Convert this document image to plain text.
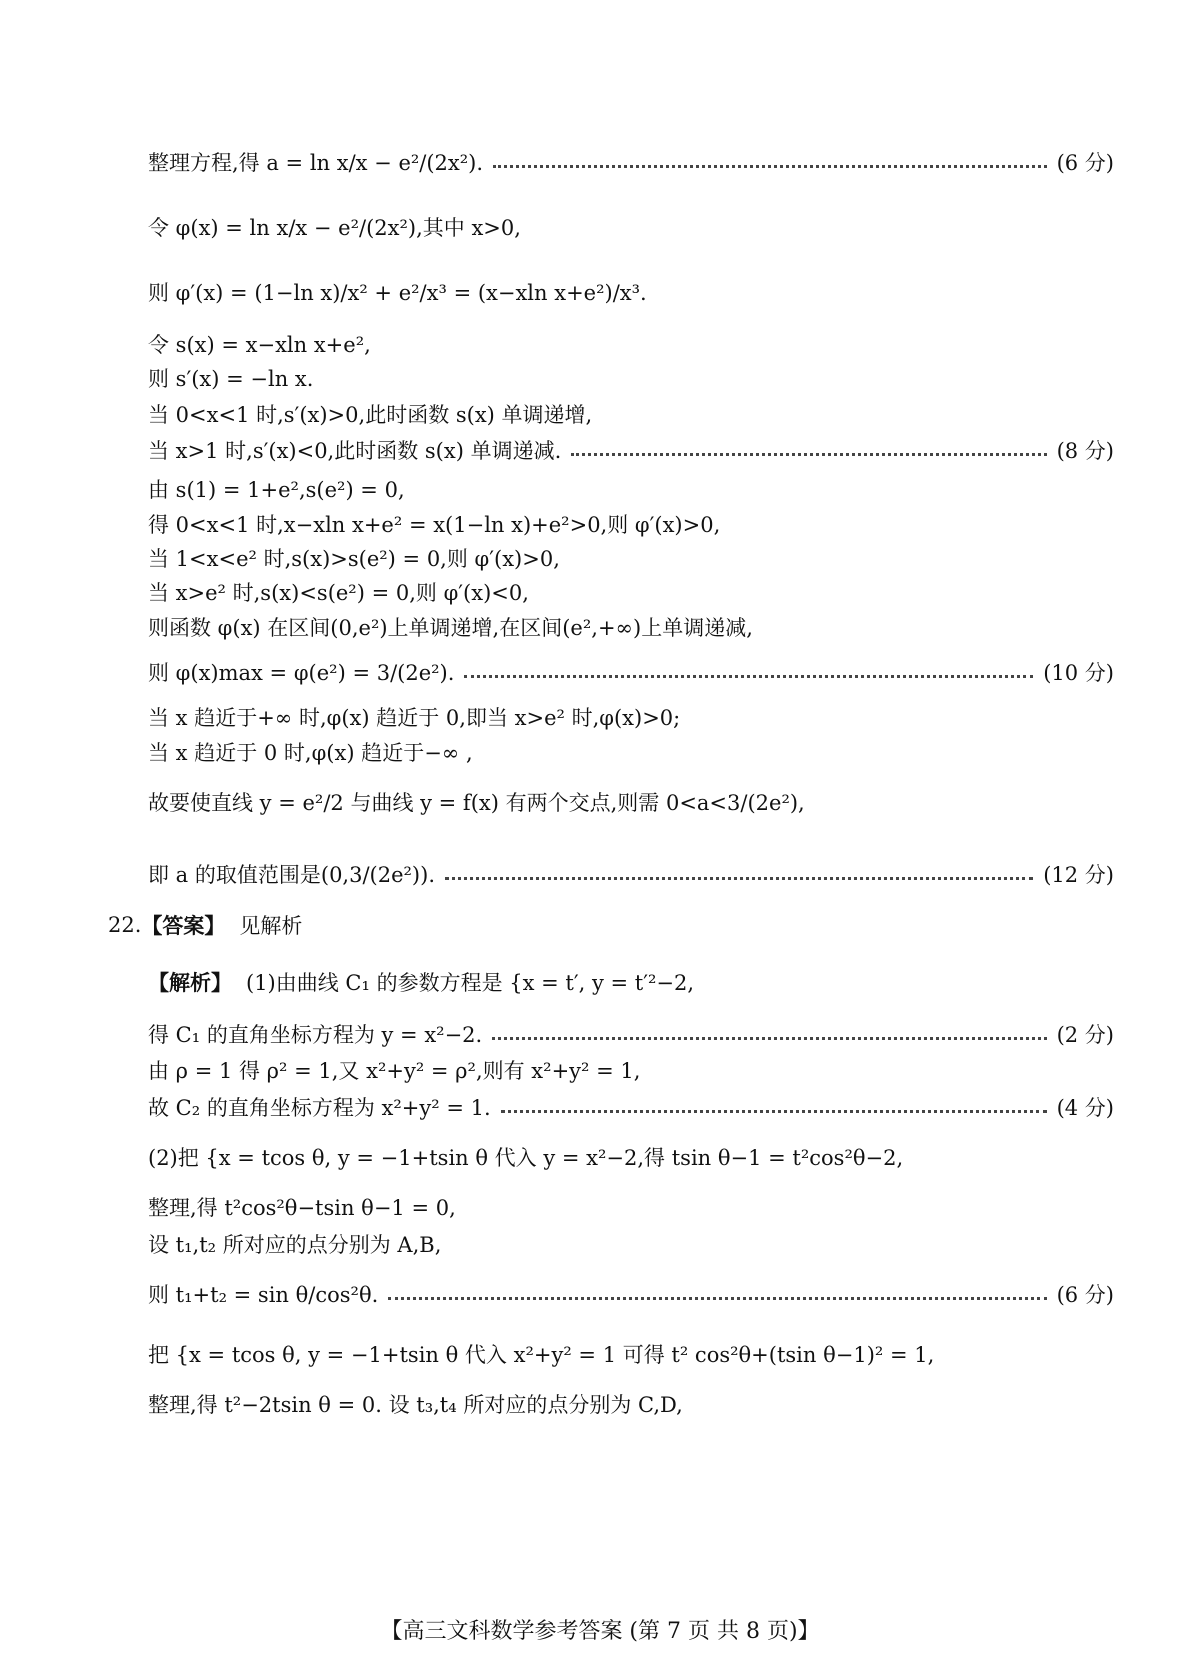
整理方程,得 a = ln x/x − e²/(2x²).	(6 分)
令 φ(x) = ln x/x − e²/(2x²),其中 x>0,
则 φ′(x) = (1−ln x)/x² + e²/x³ = (x−xln x+e²)/x³.
令 s(x) = x−xln x+e²,
则 s′(x) = −ln x.
当 0<x<1 时,s′(x)>0,此时函数 s(x) 单调递增,
当 x>1 时,s′(x)<0,此时函数 s(x) 单调递减.	(8 分)
由 s(1) = 1+e²,s(e²) = 0,
得 0<x<1 时,x−xln x+e² = x(1−ln x)+e²>0,则 φ′(x)>0,
当 1<x<e² 时,s(x)>s(e²) = 0,则 φ′(x)>0,
当 x>e² 时,s(x)<s(e²) = 0,则 φ′(x)<0,
则函数 φ(x) 在区间(0,e²)上单调递增,在区间(e²,+∞)上单调递减,
则 φ(x)max = φ(e²) = 3/(2e²).	(10 分)
当 x 趋近于+∞ 时,φ(x) 趋近于 0,即当 x>e² 时,φ(x)>0;
当 x 趋近于 0 时,φ(x) 趋近于−∞ ,
故要使直线 y = e²/2 与曲线 y = f(x) 有两个交点,则需 0<a<3/(2e²),
即 a 的取值范围是(0,3/(2e²)).	(12 分)
22. 【答案】 见解析
【解析】 (1)由曲线 C₁ 的参数方程是 {x = t′, y = t′²−2,
得 C₁ 的直角坐标方程为 y = x²−2.	(2 分)
由 ρ = 1 得 ρ² = 1,又 x²+y² = ρ²,则有 x²+y² = 1,
故 C₂ 的直角坐标方程为 x²+y² = 1.	(4 分)
(2)把 {x = tcos θ, y = −1+tsin θ 代入 y = x²−2,得 tsin θ−1 = t²cos²θ−2,
整理,得 t²cos²θ−tsin θ−1 = 0,
设 t₁,t₂ 所对应的点分别为 A,B,
则 t₁+t₂ = sin θ/cos²θ.	(6 分)
把 {x = tcos θ, y = −1+tsin θ 代入 x²+y² = 1 可得 t² cos²θ+(tsin θ−1)² = 1,
整理,得 t²−2tsin θ = 0. 设 t₃,t₄ 所对应的点分别为 C,D,
【高三文科数学参考答案 (第 7 页 共 8 页)】
